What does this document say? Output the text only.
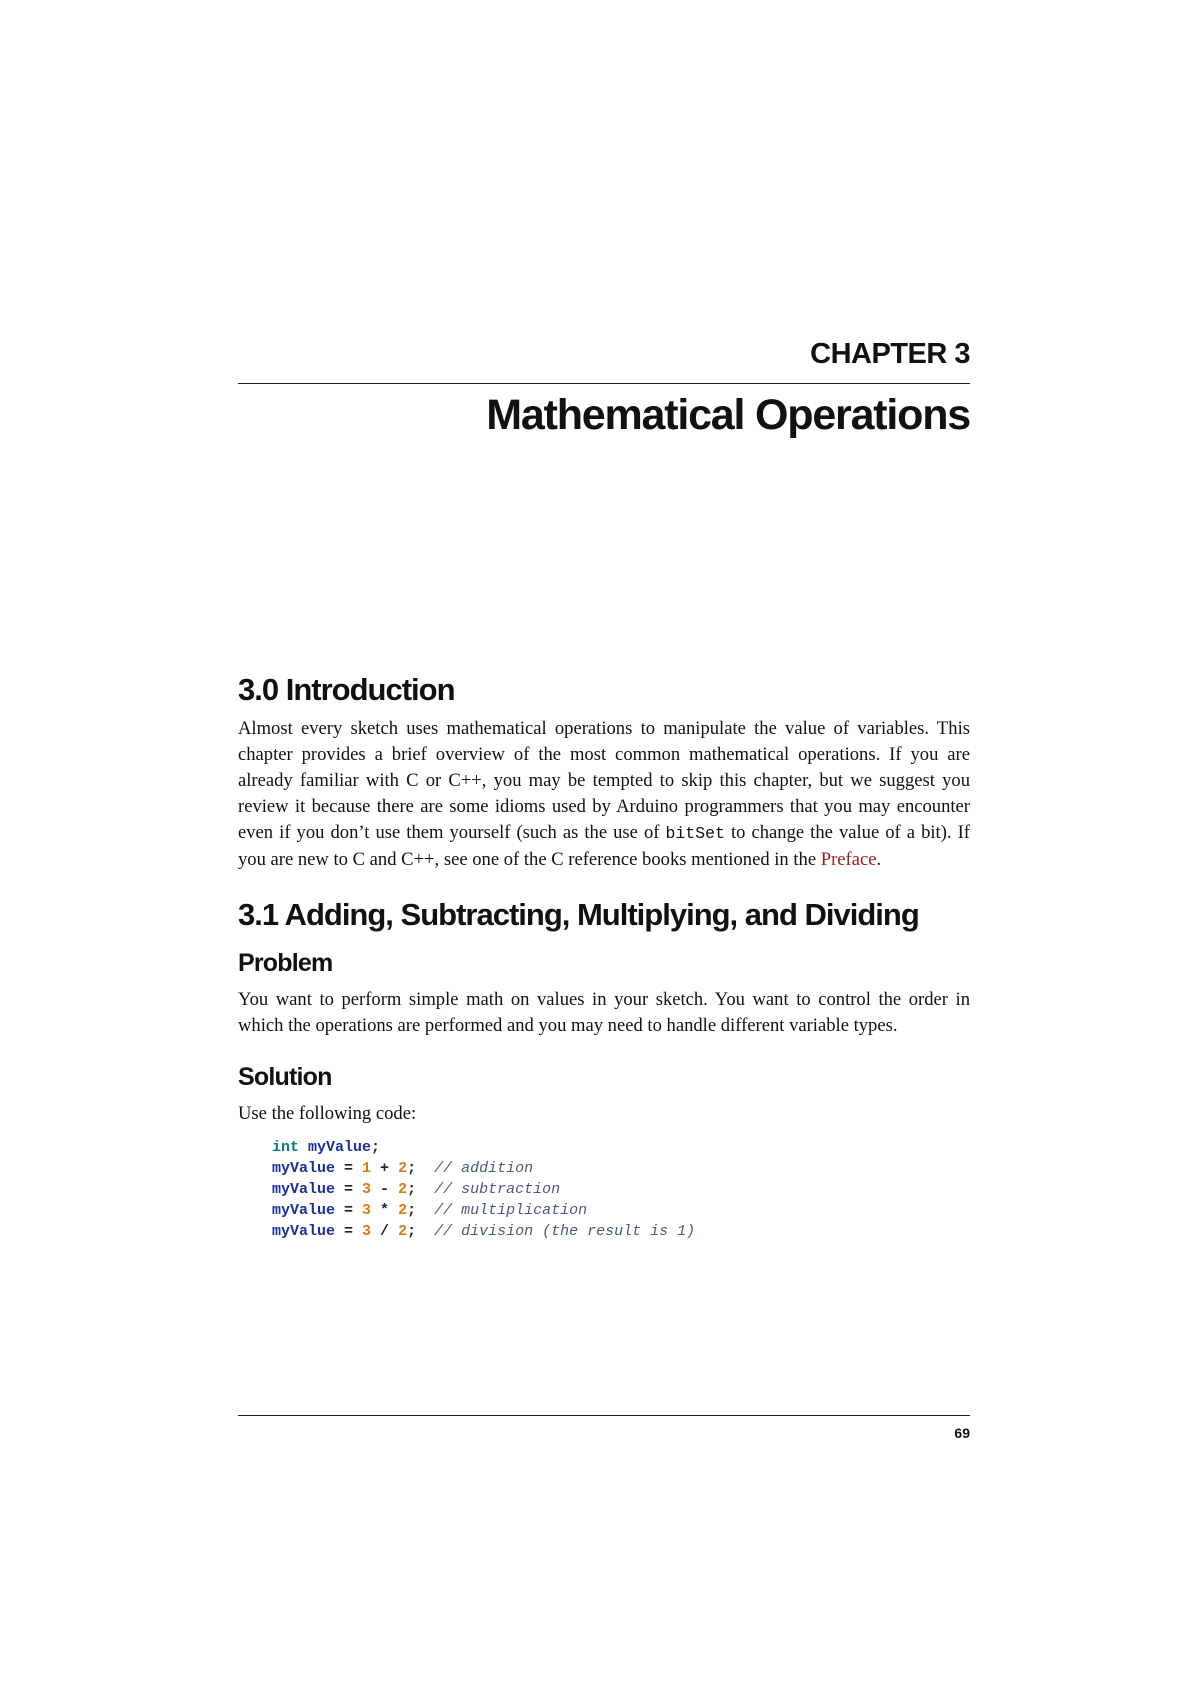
CHAPTER 3
Mathematical Operations
3.0 Introduction

Almost every sketch uses mathematical operations to manipulate the value of variables. This chapter provides a brief overview of the most common mathematical operations. If you are already familiar with C or C++, you may be tempted to skip this chapter, but we suggest you review it because there are some idioms used by Arduino programmers that you may encounter even if you don’t use them yourself (such as the use of bitSet to change the value of a bit). If you are new to C and C++, see one of the C reference books mentioned in the Preface.

3.1 Adding, Subtracting, Multiplying, and Dividing
Problem

You want to perform simple math on values in your sketch. You want to control the order in which the operations are performed and you may need to handle different variable types.

Solution

Use the following code:

int myValue;
myValue = 1 + 2;  // addition
myValue = 3 - 2;  // subtraction
myValue = 3 * 2;  // multiplication
myValue = 3 / 2;  // division (the result is 1)
69
